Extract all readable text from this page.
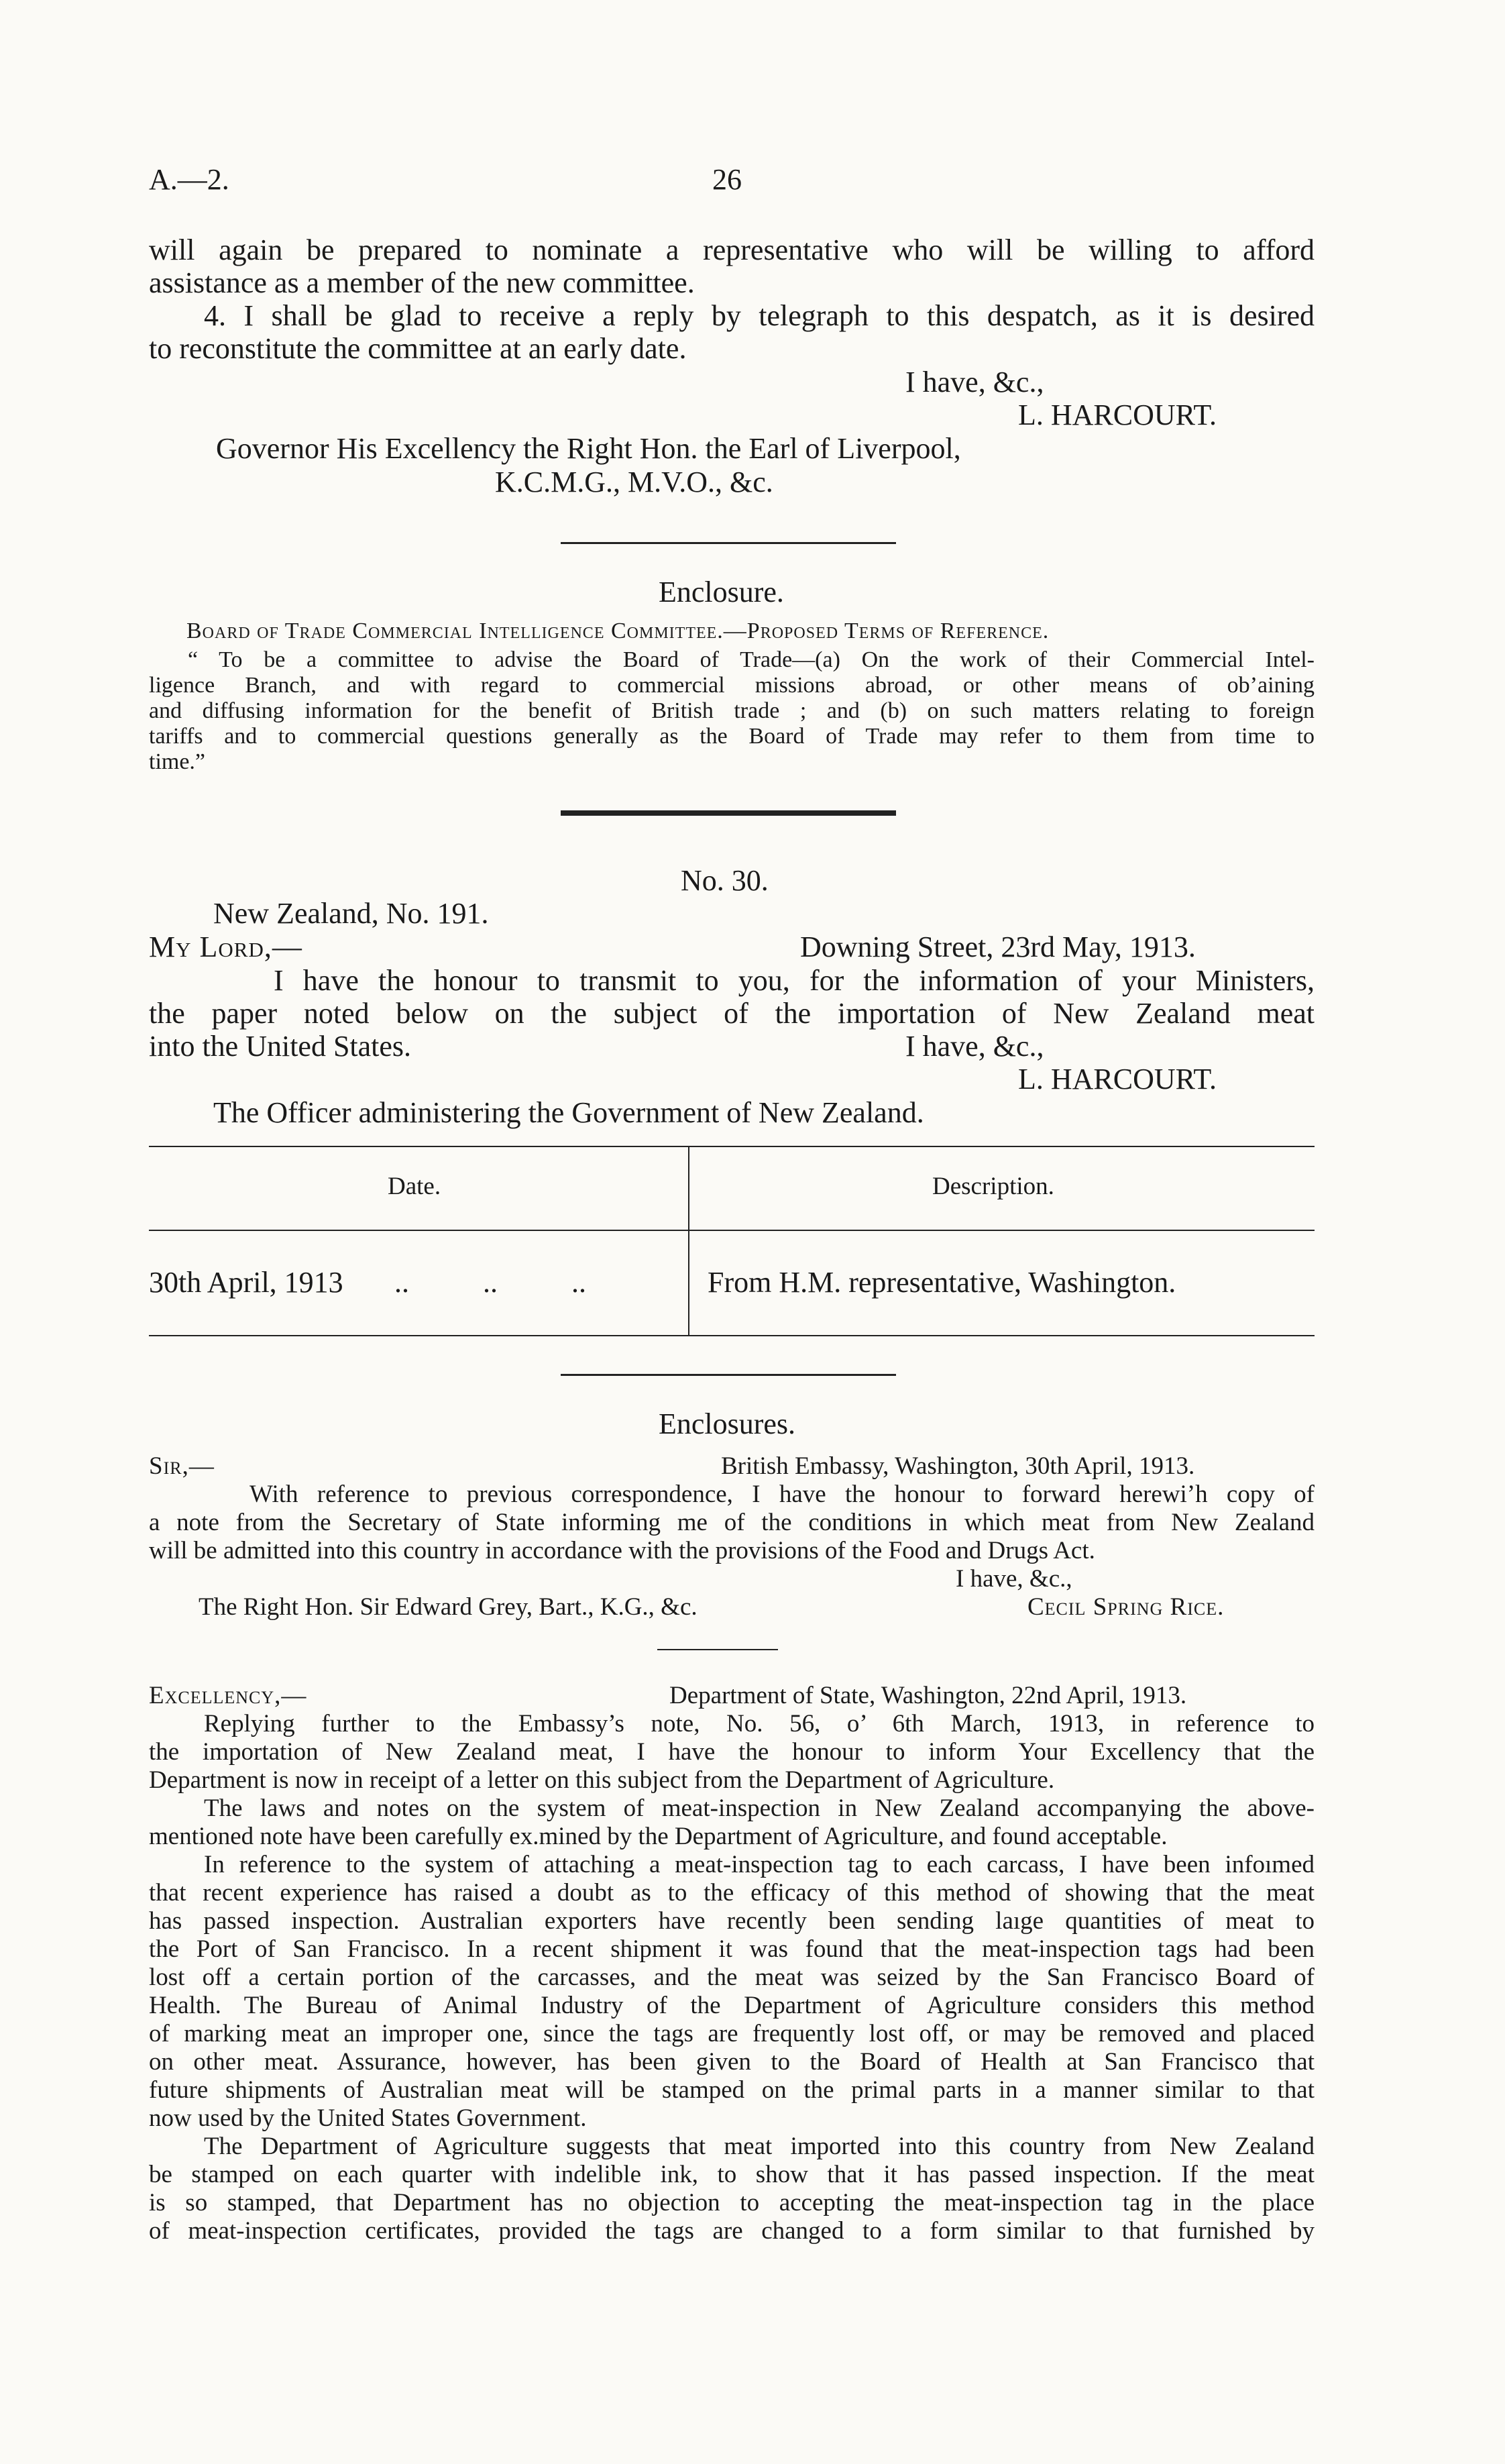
A.—2.	26
will again be prepared to nominate a representative who will be willing to afford
assistance as a member of the new committee.
4. I shall be glad to receive a reply by telegraph to this despatch, as it is desired
to reconstitute the committee at an early date.
I have, &c.,
L. HARCOURT.
Governor His Excellency the Right Hon. the Earl of Liverpool,
K.C.M.G., M.V.O., &c.
Enclosure.
Board of Trade Commercial Intelligence Committee.—Proposed Terms of Reference.
“ To be a committee to advise the Board of Trade—(a) On the work of their Commercial Intel-
ligence Branch, and with regard to commercial missions abroad, or other means of ob’aining
and diffusing information for the benefit of British trade ; and (b) on such matters relating to foreign
tariffs and to commercial questions generally as the Board of Trade may refer to them from time to
time.”
No. 30.
New Zealand, No. 191.
My Lord,—	Downing Street, 23rd May, 1913.
I have the honour to transmit to you, for the information of your Ministers,
the paper noted below on the subject of the importation of New Zealand meat
into the United States.	I have, &c.,
L. HARCOURT.
The Officer administering the Government of New Zealand.
Date.	Description.
30th April, 1913 ..          ..          ..	From H.M. representative, Washington.
Enclosures.
Sir,—	British Embassy, Washington, 30th April, 1913.
With reference to previous correspondence, I have the honour to forward herewi’h copy of
a note from the Secretary of State informing me of the conditions in which meat from New Zealand
will be admitted into this country in accordance with the provisions of the Food and Drugs Act.
I have, &c.,
The Right Hon. Sir Edward Grey, Bart., K.G., &c.	Cecil Spring Rice.
Excellency,—	Department of State, Washington, 22nd April, 1913.
Replying further to the Embassy’s note, No. 56, o’ 6th March, 1913, in reference to
the importation of New Zealand meat, I have the honour to inform Your Excellency that the
Department is now in receipt of a letter on this subject from the Department of Agriculture.
The laws and notes on the system of meat-inspection in New Zealand accompanying the above-
mentioned note have been carefully ex.mined by the Department of Agriculture, and found acceptable.
In reference to the system of attaching a meat-inspection tag to each carcass, I have been infoımed
that recent experience has raised a doubt as to the efficacy of this method of showing that the meat
has passed inspection. Australian exporters have recently been sending laıge quantities of meat to
the Port of San Francisco. In a recent shipment it was found that the meat-inspection tags had been
lost off a certain portion of the carcasses, and the meat was seized by the San Francisco Board of
Health. The Bureau of Animal Industry of the Department of Agriculture considers this method
of marking meat an improper one, since the tags are frequently lost off, or may be removed and placed
on other meat. Assurance, however, has been given to the Board of Health at San Francisco that
future shipments of Australian meat will be stamped on the primal parts in a manner similar to that
now used by the United States Government.
The Department of Agriculture suggests that meat imported into this country from New Zealand
be stamped on each quarter with indelible ink, to show that it has passed inspection. If the meat
is so stamped, that Department has no objection to accepting the meat-inspection tag in the place
of meat-inspection certificates, provided the tags are changed to a form similar to that furnished by
